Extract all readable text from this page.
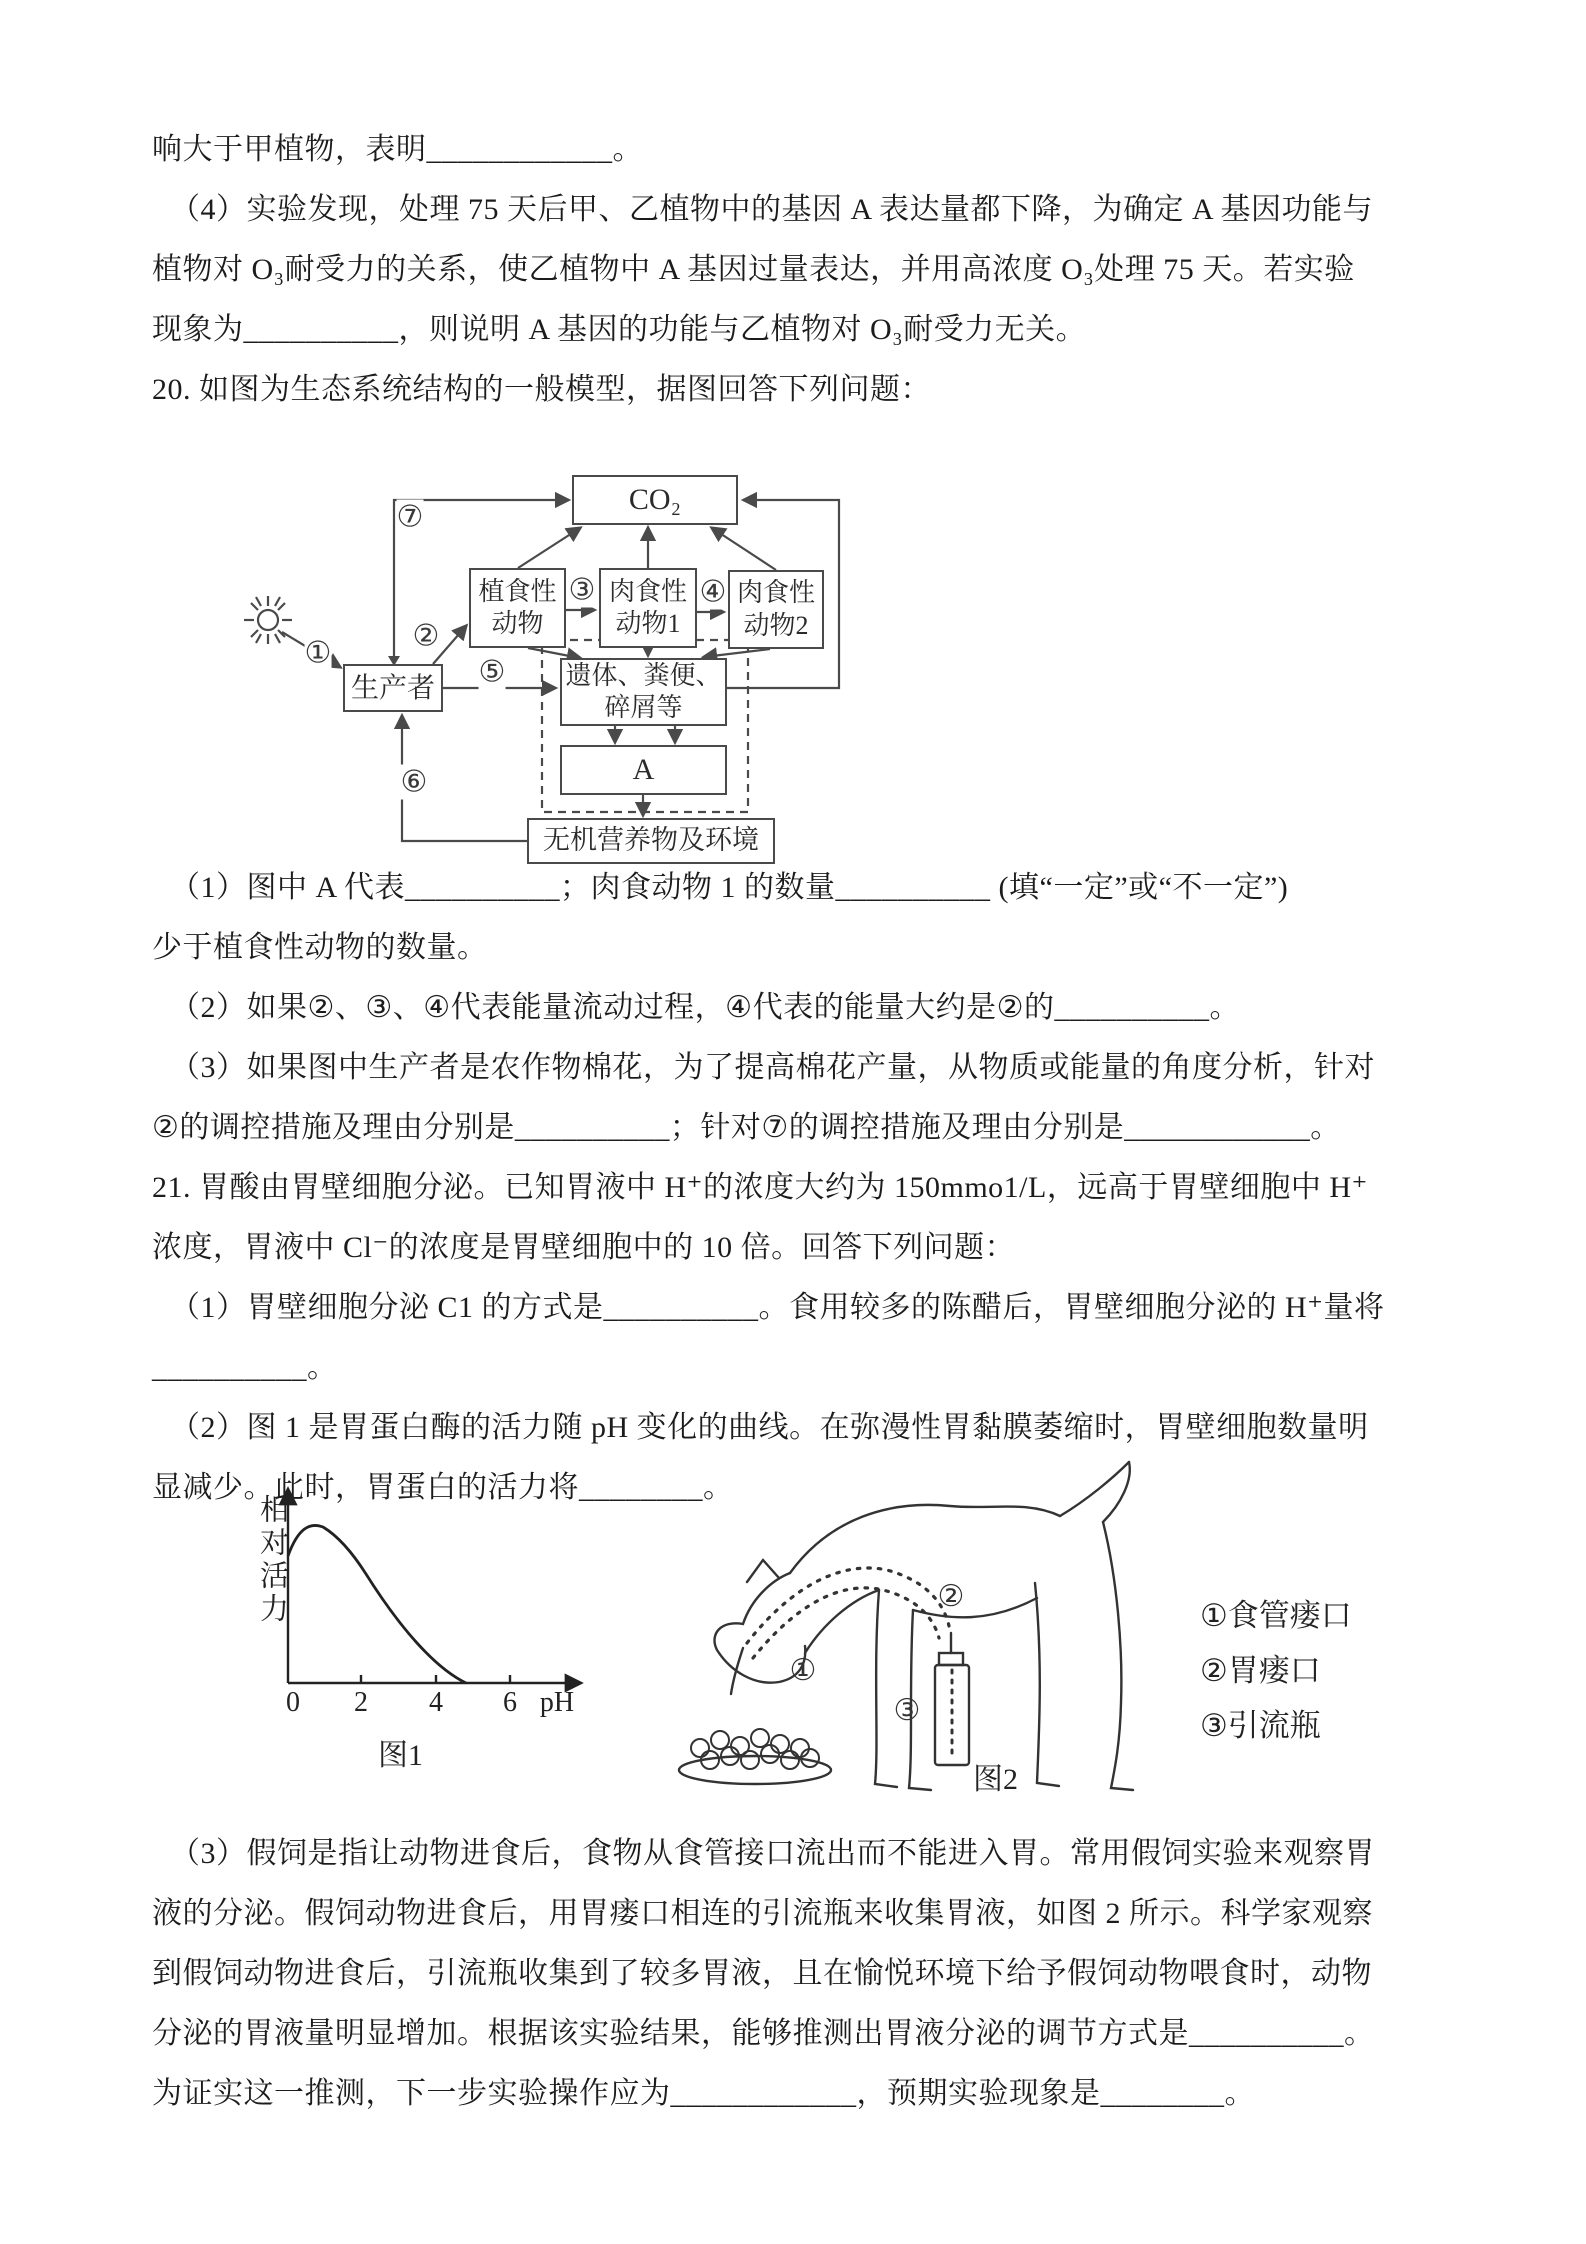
响大于甲植物，表明____________。
（4）实验发现，处理 75 天后甲、乙植物中的基因 A 表达量都下降，为确定 A 基因功能与
植物对 O₃耐受力的关系，使乙植物中 A 基因过量表达，并用高浓度 O₃处理 75 天。若实验
现象为__________，则说明 A 基因的功能与乙植物对 O₃耐受力无关。
20. 如图为生态系统结构的一般模型，据图回答下列问题：
CO₂
植食性动物
肉食性动物1
肉食性动物2
生产者	遗体、粪便、碎屑等
A
无机营养物及环境
①	②
③	④
⑤
⑥
⑦
（1）图中 A 代表__________；肉食动物 1 的数量__________ (填“一定”或“不一定”)
少于植食性动物的数量。
（2）如果②、③、④代表能量流动过程，④代表的能量大约是②的__________。
（3）如果图中生产者是农作物棉花，为了提高棉花产量，从物质或能量的角度分析，针对
②的调控措施及理由分别是__________；针对⑦的调控措施及理由分别是____________。
21. 胃酸由胃壁细胞分泌。已知胃液中 H⁺的浓度大约为 150mmo1/L，远高于胃壁细胞中 H⁺
浓度，胃液中 Cl⁻的浓度是胃壁细胞中的 10 倍。回答下列问题：
（1）胃壁细胞分泌 C1 的方式是__________。食用较多的陈醋后，胃壁细胞分泌的 H⁺量将
__________。
（2）图 1 是胃蛋白酶的活力随 pH 变化的曲线。在弥漫性胃黏膜萎缩时，胃壁细胞数量明
显减少。此时，胃蛋白的活力将________。
相对活力
0 2 4 6 pH
图1
①
②
③
①食管瘘口
②胃瘘口
③引流瓶
图2
（3）假饲是指让动物进食后，食物从食管接口流出而不能进入胃。常用假饲实验来观察胃
液的分泌。假饲动物进食后，用胃瘘口相连的引流瓶来收集胃液，如图 2 所示。科学家观察
到假饲动物进食后，引流瓶收集到了较多胃液，且在愉悦环境下给予假饲动物喂食时，动物
分泌的胃液量明显增加。根据该实验结果，能够推测出胃液分泌的调节方式是__________。
为证实这一推测，下一步实验操作应为____________，预期实验现象是________。
